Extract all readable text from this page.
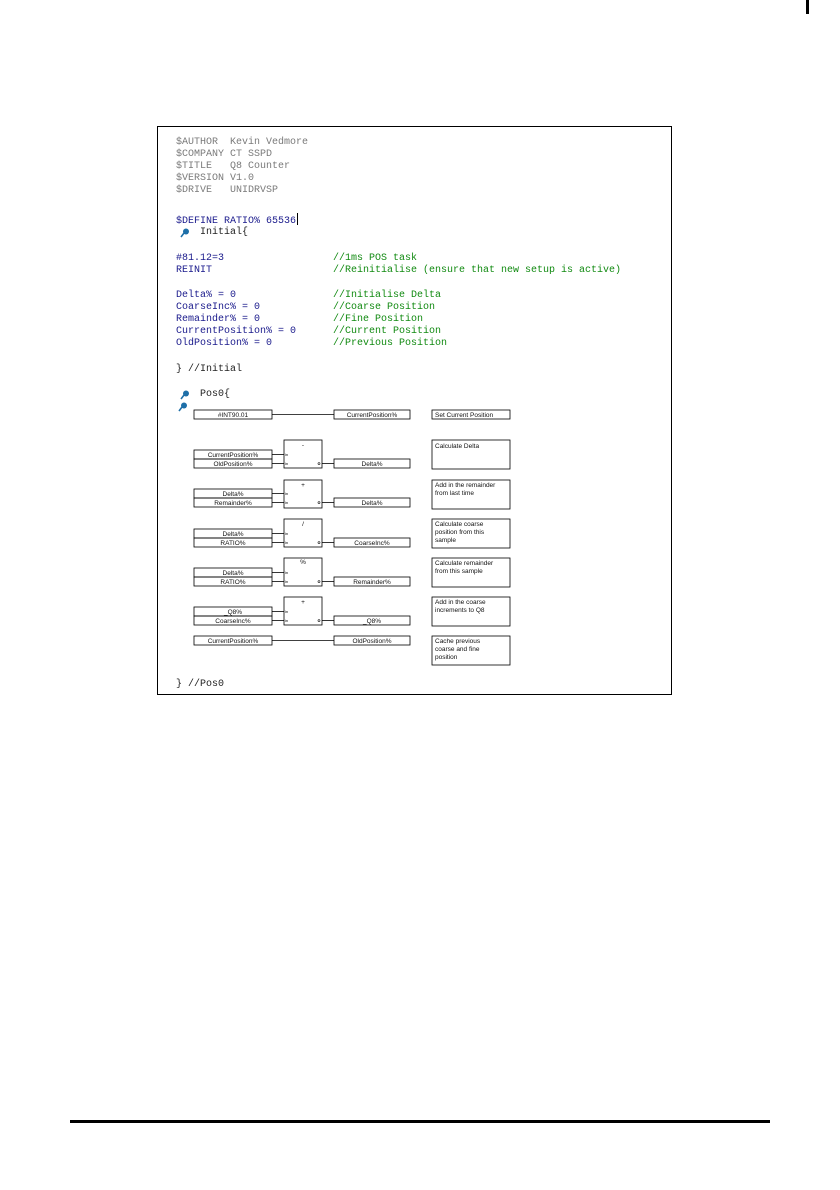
$AUTHOR  Kevin Vedmore
$COMPANY CT SSPD
$TITLE   Q8 Counter
$VERSION V1.0
$DRIVE   UNIDRVSP
$DEFINE RATIO% 65536
Initial{
#81.12=3	//1ms POS task
REINIT	//Reinitialise (ensure that new setup is active)
Delta% = 0	//Initialise Delta
CoarseInc% = 0	//Coarse Position
Remainder% = 0	//Fine Position
CurrentPosition% = 0	//Current Position
OldPosition% = 0	//Previous Position
} //Initial
Pos0{
in
in
in
in
in
in
in
in
in
in
#INT90.01	CurrentPosition%	Set Current Position
-
CurrentPosition%
OldPosition%	Delta%
Calculate Delta
+
Delta%
Remainder%	Delta%
Add in the remainder
from last time
/
Delta%
RATIO%	CoarseInc%
Calculate coarse
position from this
sample
%
Delta%
RATIO%	Remainder%
Calculate remainder
from this sample
+
_Q8%
CoarseInc%	_Q8%
Add in the coarse
increments to Q8
CurrentPosition%	OldPosition%	Cache previous
coarse and fine
position
} //Pos0
